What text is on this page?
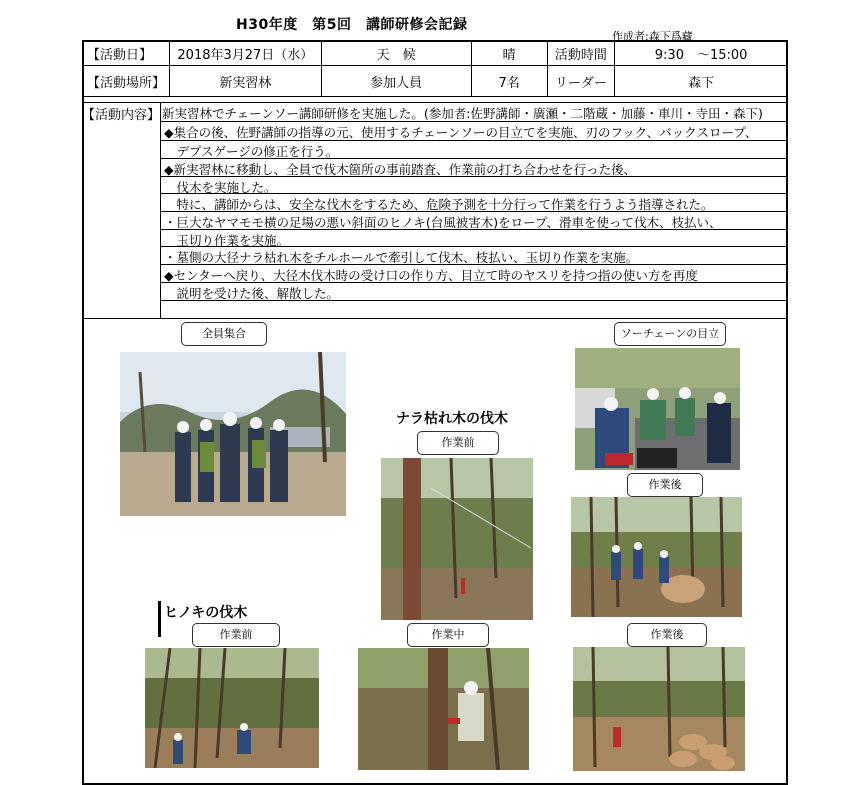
H30年度　第5回　講師研修会記録
作成者:森下爲藏
【活動日】	2018年3月27日（水）	天　候	晴	活動時間	9:30　〜15:00
【活動場所】	新実習林	参加人員	7名	リーダー	森下
【活動内容】 新実習林でチェーンソー講師研修を実施した。(参加者:佐野講師・廣瀬・二階蔵・加藤・車川・寺田・森下)
◆集合の後、佐野講師の指導の元、使用するチェーンソーの目立てを実施、刃のフック、バックスロープ、
　デプスゲージの修正を行う。
◆新実習林に移動し、全員で伐木箇所の事前踏査、作業前の打ち合わせを行った後、
　伐木を実施した。
　特に、講師からは、安全な伐木をするため、危険予測を十分行って作業を行うよう指導された。
・巨大なヤマモモ横の足場の悪い斜面のヒノキ(台風被害木)をロープ、滑車を使って伐木、枝払い、
　玉切り作業を実施。
・墓側の大径ナラ枯れ木をチルホールで牽引して伐木、枝払い、玉切り作業を実施。
◆センターへ戻り、大径木伐木時の受け口の作り方、目立て時のヤスリを持つ指の使い方を再度
　説明を受けた後、解散した。
全員集合	ソーチェーンの目立
ナラ枯れ木の伐木
作業前
作業後
ヒノキの伐木
作業前	作業中	作業後
